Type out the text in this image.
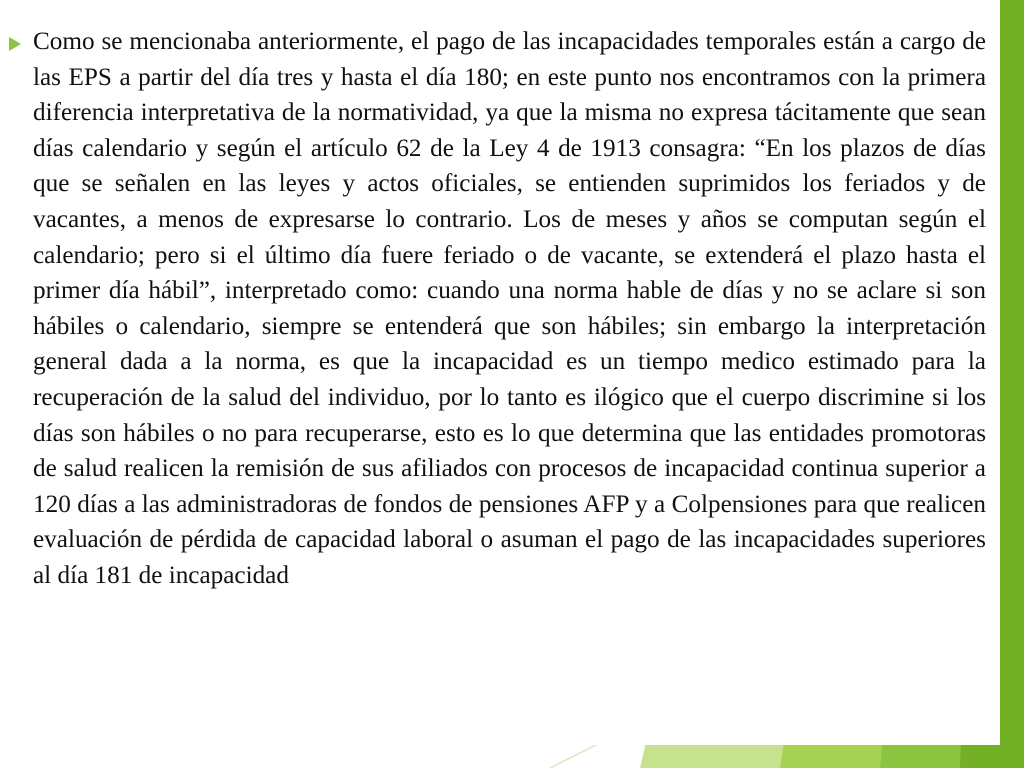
Como se mencionaba anteriormente, el pago de las incapacidades temporales están a cargo de las EPS a partir del día tres y hasta el día 180; en este punto nos encontramos con la primera diferencia interpretativa de la normatividad, ya que la misma no expresa tácitamente que sean días calendario y según el artículo 62 de la Ley 4 de 1913 consagra: “En los plazos de días que se señalen en las leyes y actos oficiales, se entienden suprimidos los feriados y de vacantes, a menos de expresarse lo contrario. Los de meses y años se computan según el calendario; pero si el último día fuere feriado o de vacante, se extenderá el plazo hasta el primer día hábil”, interpretado como: cuando una norma hable de días y no se aclare si son hábiles o calendario, siempre se entenderá que son hábiles; sin embargo la interpretación general dada a la norma, es que la incapacidad es un tiempo medico estimado para la recuperación de la salud del individuo, por lo tanto es ilógico que el cuerpo discrimine si los días son hábiles o no para recuperarse, esto es lo que determina que las entidades promotoras de salud realicen la remisión de sus afiliados con procesos de incapacidad continua superior a 120 días a las administradoras de fondos de pensiones AFP y a Colpensiones para que realicen evaluación de pérdida de capacidad laboral o asuman el pago de las incapacidades superiores al día 181 de incapacidad
